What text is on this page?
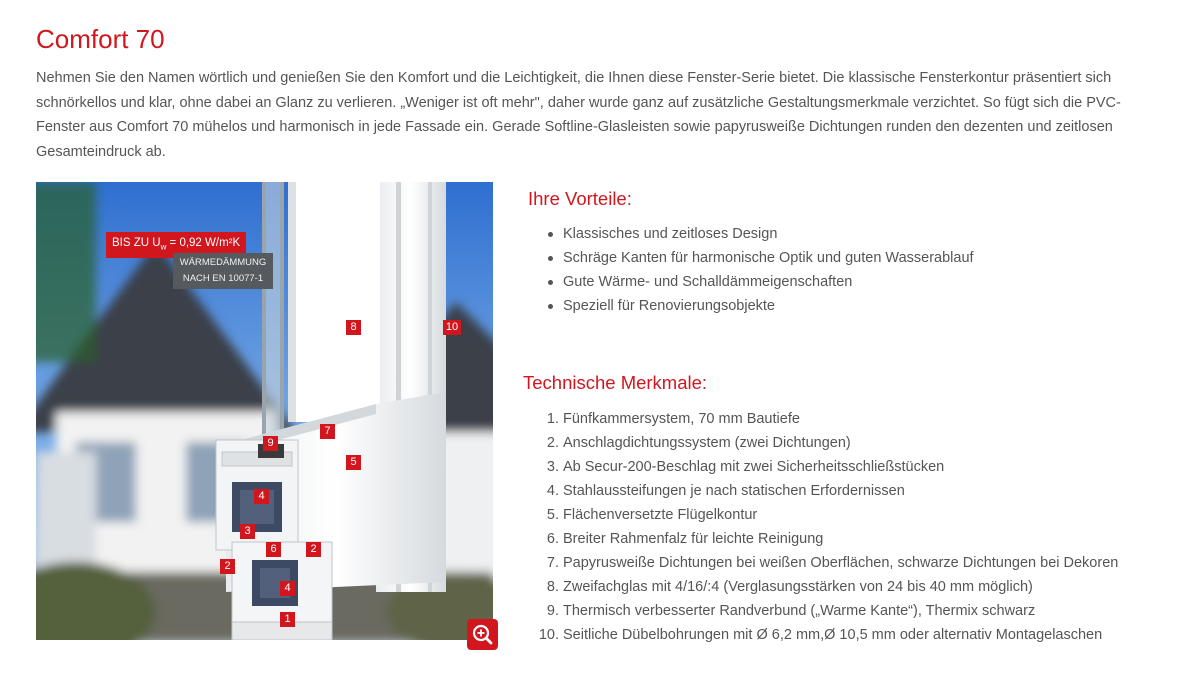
Comfort 70

Nehmen Sie den Namen wörtlich und genießen Sie den Komfort und die Leichtigkeit, die Ihnen diese Fenster-Serie bietet. Die klassische Fensterkontur präsentiert sich schnörkellos und klar, ohne dabei an Glanz zu verlieren. „Weniger ist oft mehr", daher wurde ganz auf zusätzliche Gestaltungsmerkmale verzichtet. So fügt sich die PVC-Fenster aus Comfort 70 mühelos und harmonisch in jede Fassade ein. Gerade Softline-Glasleisten sowie papyrusweiße Dichtungen runden den dezenten und zeitlosen Gesamteindruck ab.

BIS ZU $U_w = 0,92$ W/m²K
WÄRMEDÄMMUNG
NACH EN 10077-1
8	10
9
7
5
4
3
6	2
2
4
1
Ihre Vorteile:
Klassisches und zeitloses Design
Schräge Kanten für harmonische Optik und guten Wasserablauf
Gute Wärme- und Schalldämmeigenschaften
Speziell für Renovierungsobjekte
Technische Merkmale:
1. Fünfkammersystem, 70 mm Bautiefe
2. Anschlagdichtungssystem (zwei Dichtungen)
3. Ab Secur-200-Beschlag mit zwei Sicherheitsschließstücken
4. Stahlaussteifungen je nach statischen Erfordernissen
5. Flächenversetzte Flügelkontur
6. Breiter Rahmenfalz für leichte Reinigung
7. Papyrusweiße Dichtungen bei weißen Oberflächen, schwarze Dichtungen bei Dekoren
8. Zweifachglas mit 4/16/:4 (Verglasungsstärken von 24 bis 40 mm möglich)
9. Thermisch verbesserter Randverbund („Warme Kante“), Thermix schwarz
10. Seitliche Dübelbohrungen mit Ø 6,2 mm,Ø 10,5 mm oder alternativ Montagelaschen
